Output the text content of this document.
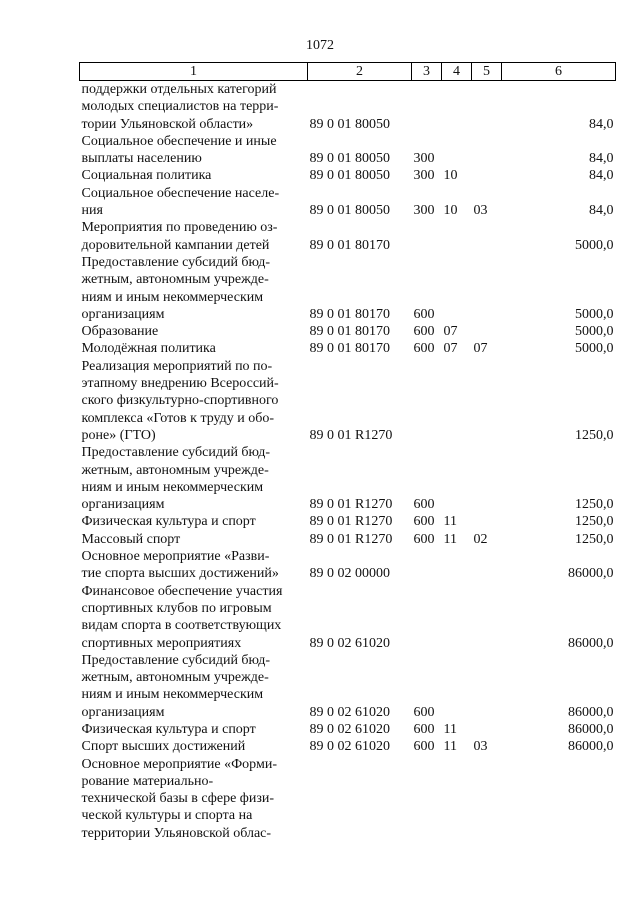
1072
1	2	3	4	5	6

поддержки отдельных категорий
молодых специалистов на терри-
тории Ульяновской области»	89 0 01 80050				84,0

Социальное обеспечение и иные
выплаты населению	89 0 01 80050	300			84,0

Социальная политика	89 0 01 80050	300	10		84,0

Социальное обеспечение населе-
ния	89 0 01 80050	300	10	03	84,0

Мероприятия по проведению оз-
доровительной кампании детей	89 0 01 80170				5000,0

Предоставление субсидий бюд-
жетным, автономным учрежде-
ниям и иным некоммерческим
организациям	89 0 01 80170	600			5000,0

Образование	89 0 01 80170	600	07		5000,0

Молодёжная политика	89 0 01 80170	600	07	07	5000,0

Реализация мероприятий по по-
этапному внедрению Всероссий-
ского физкультурно-спортивного
комплекса «Готов к труду и обо-
роне» (ГТО)	89 0 01 R1270				1250,0

Предоставление субсидий бюд-
жетным, автономным учрежде-
ниям и иным некоммерческим
организациям	89 0 01 R1270	600			1250,0

Физическая культура и спорт	89 0 01 R1270	600	11		1250,0

Массовый спорт	89 0 01 R1270	600	11	02	1250,0

Основное мероприятие «Разви-
тие спорта высших достижений»	89 0 02 00000				86000,0

Финансовое обеспечение участия
спортивных клубов по игровым
видам спорта в соответствующих
спортивных мероприятиях	89 0 02 61020				86000,0

Предоставление субсидий бюд-
жетным, автономным учрежде-
ниям и иным некоммерческим
организациям	89 0 02 61020	600			86000,0

Физическая культура и спорт	89 0 02 61020	600	11		86000,0

Спорт высших достижений	89 0 02 61020	600	11	03	86000,0

Основное мероприятие «Форми-
рование материально-
технической базы в сфере физи-
ческой культуры и спорта на
территории Ульяновской облас-					
